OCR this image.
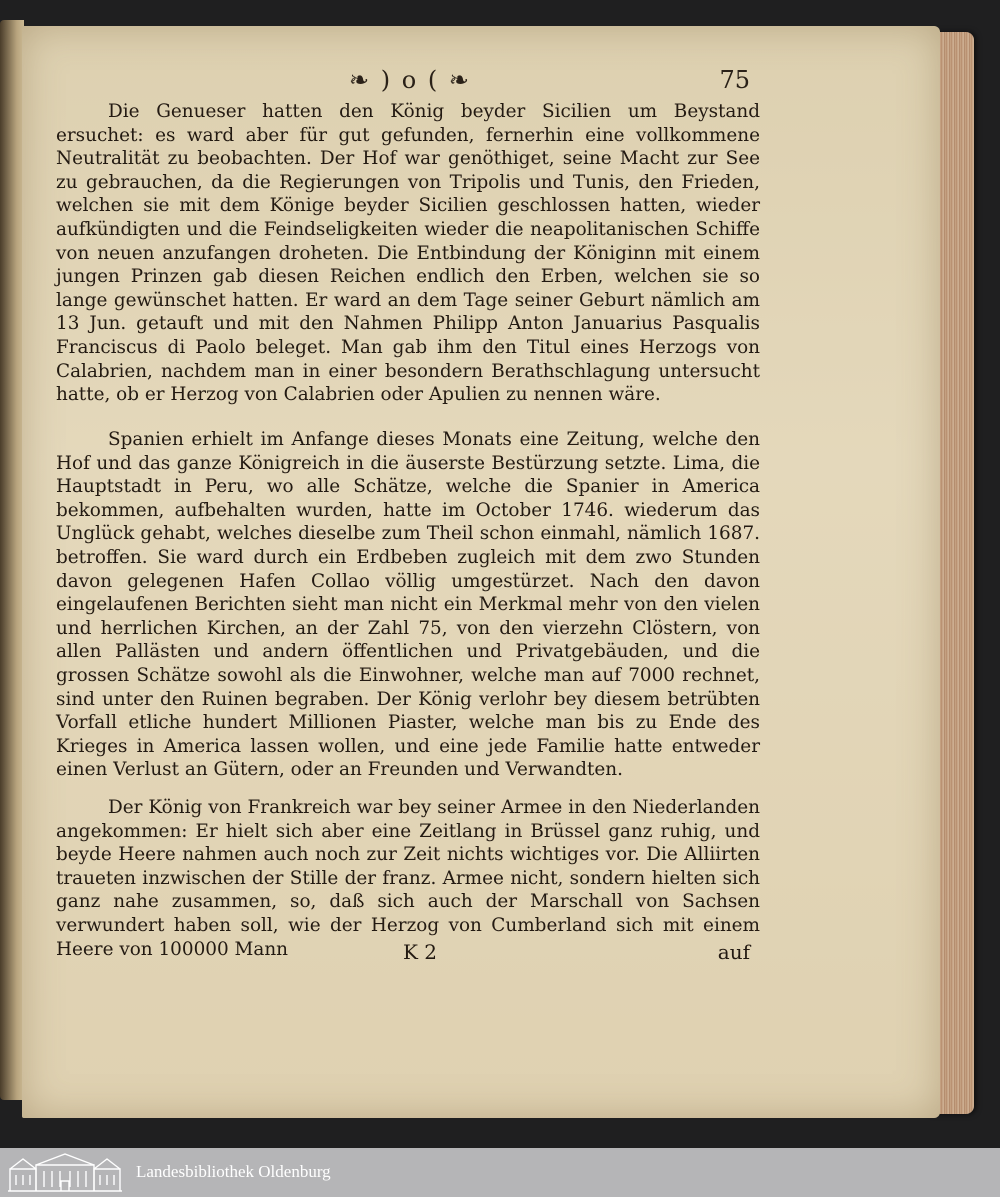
❧ ) o ( ❧	75

Die Genueser hatten den König beyder Sicilien um Beystand ersuchet: es ward aber für gut gefunden, fernerhin eine vollkommene Neutralität zu beobachten. Der Hof war genöthiget, seine Macht zur See zu gebrauchen, da die Regierungen von Tripolis und Tunis, den Frieden, welchen sie mit dem Könige beyder Sicilien geschlossen hatten, wieder aufkündigten und die Feindseligkeiten wieder die neapolitanischen Schiffe von neuen anzufangen droheten. Die Entbindung der Königinn mit einem jungen Prinzen gab diesen Reichen endlich den Erben, welchen sie so lange gewünschet hatten. Er ward an dem Tage seiner Geburt nämlich am 13 Jun. getauft und mit den Nahmen Philipp Anton Januarius Pasqualis Franciscus di Paolo beleget. Man gab ihm den Titul eines Herzogs von Calabrien, nachdem man in einer besondern Berathschlagung untersucht hatte, ob er Herzog von Calabrien oder Apulien zu nennen wäre.

Spanien erhielt im Anfange dieses Monats eine Zeitung, welche den Hof und das ganze Königreich in die äuserste Bestürzung setzte. Lima, die Hauptstadt in Peru, wo alle Schätze, welche die Spanier in America bekommen, aufbehalten wurden, hatte im October 1746. wiederum das Unglück gehabt, welches dieselbe zum Theil schon einmahl, nämlich 1687. betroffen. Sie ward durch ein Erdbeben zugleich mit dem zwo Stunden davon gelegenen Hafen Collao völlig umgestürzet. Nach den davon eingelaufenen Berichten sieht man nicht ein Merkmal mehr von den vielen und herrlichen Kirchen, an der Zahl 75, von den vierzehn Clöstern, von allen Pallästen und andern öffentlichen und Privatgebäuden, und die grossen Schätze sowohl als die Einwohner, welche man auf 7000 rechnet, sind unter den Ruinen begraben. Der König verlohr bey diesem betrübten Vorfall etliche hundert Millionen Piaster, welche man bis zu Ende des Krieges in America lassen wollen, und eine jede Familie hatte entweder einen Verlust an Gütern, oder an Freunden und Verwandten.

Der König von Frankreich war bey seiner Armee in den Niederlanden angekommen: Er hielt sich aber eine Zeitlang in Brüssel ganz ruhig, und beyde Heere nahmen auch noch zur Zeit nichts wichtiges vor. Die Alliirten traueten inzwischen der Stille der franz. Armee nicht, sondern hielten sich ganz nahe zusammen, so, daß sich auch der Marschall von Sachsen verwundert haben soll, wie der Herzog von Cumberland sich mit einem Heere von 100000 Mann	K 2	auf
Landesbibliothek Oldenburg
